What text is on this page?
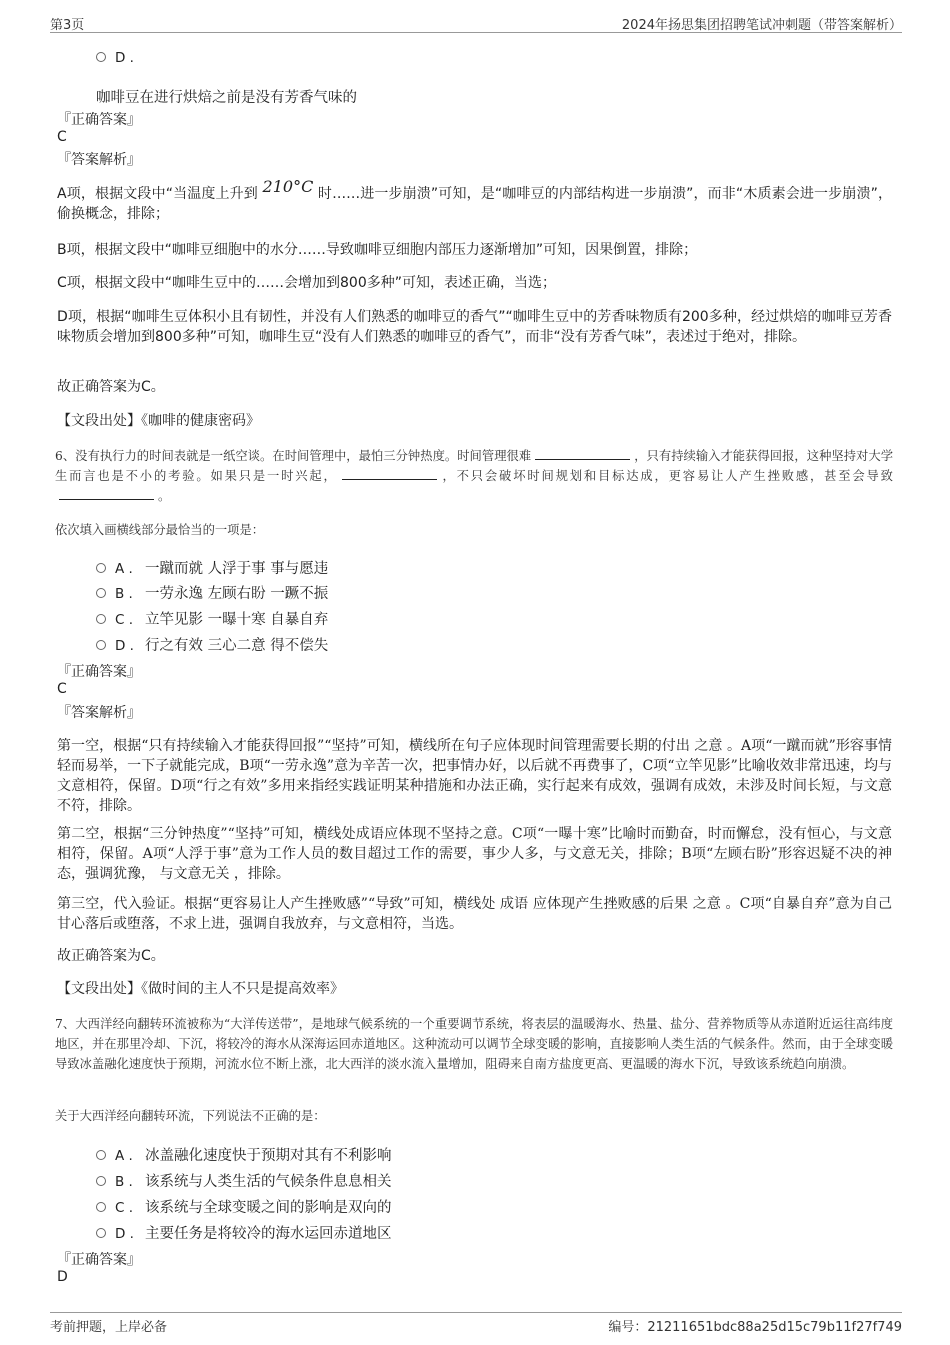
第3页	2024年扬思集团招聘笔试冲刺题（带答案解析）
D .
咖啡豆在进行烘焙之前是没有芳香气味的
『正确答案』
C
『答案解析』
A项，根据文段中“当温度上升到 210°C 时……进一步崩溃”可知，是“咖啡豆的内部结构进一步崩溃”，而非“木质素会进一步崩溃”，偷换概念，排除；
B项，根据文段中“咖啡豆细胞中的水分……导致咖啡豆细胞内部压力逐渐增加”可知，因果倒置，排除；
C项，根据文段中“咖啡生豆中的……会增加到800多种”可知，表述正确，当选；
D项，根据“咖啡生豆体积小且有韧性，并没有人们熟悉的咖啡豆的香气”“咖啡生豆中的芳香味物质有200多种，经过烘焙的咖啡豆芳香味物质会增加到800多种”可知，咖啡生豆“没有人们熟悉的咖啡豆的香气”，而非“没有芳香气味”，表述过于绝对，排除。
故正确答案为C。
【文段出处】《咖啡的健康密码》
6、没有执行力的时间表就是一纸空谈。在时间管理中，最怕三分钟热度。时间管理很难	，只有持续输入才能获得回报，这种坚持对大学生而言也是不小的考验。如果只是一时兴起，	，不只会破坏时间规划和目标达成，更容易让人产生挫败感，甚至会导致。
依次填入画横线部分最恰当的一项是：
A . 一蹴而就 人浮于事 事与愿违
B . 一劳永逸 左顾右盼 一蹶不振
C . 立竿见影 一曝十寒 自暴自弃
D . 行之有效 三心二意 得不偿失
『正确答案』
C
『答案解析』
第一空，根据“只有持续输入才能获得回报”“坚持”可知，横线所在句子应体现时间管理需要长期的付出 之意 。A项“一蹴而就”形容事情轻而易举，一下子就能完成，B项“一劳永逸”意为辛苦一次，把事情办好，以后就不再费事了，C项“立竿见影”比喻收效非常迅速，均与文意相符，保留。D项“行之有效”多用来指经实践证明某种措施和办法正确，实行起来有成效，强调有成效，未涉及时间长短，与文意不符，排除。
第二空，根据“三分钟热度”“坚持”可知，横线处成语应体现不坚持之意。C项“一曝十寒”比喻时而勤奋，时而懈怠，没有恒心，与文意相符，保留。A项“人浮于事”意为工作人员的数目超过工作的需要，事少人多，与文意无关，排除；B项“左顾右盼”形容迟疑不决的神态，强调犹豫， 与文意无关 ，排除。
第三空，代入验证。根据“更容易让人产生挫败感”“导致”可知，横线处 成语 应体现产生挫败感的后果 之意 。C项“自暴自弃”意为自己甘心落后或堕落，不求上进，强调自我放弃，与文意相符，当选。
故正确答案为C。
【文段出处】《做时间的主人不只是提高效率》
7、大西洋经向翻转环流被称为“大洋传送带”，是地球气候系统的一个重要调节系统，将表层的温暖海水、热量、盐分、营养物质等从赤道附近运往高纬度地区，并在那里冷却、下沉，将较冷的海水从深海运回赤道地区。这种流动可以调节全球变暖的影响，直接影响人类生活的气候条件。然而，由于全球变暖导致冰盖融化速度快于预期，河流水位不断上涨，北大西洋的淡水流入量增加，阻碍来自南方盐度更高、更温暖的海水下沉，导致该系统趋向崩溃。
关于大西洋经向翻转环流，下列说法不正确的是：
A . 冰盖融化速度快于预期对其有不利影响
B . 该系统与人类生活的气候条件息息相关
C . 该系统与全球变暖之间的影响是双向的
D . 主要任务是将较冷的海水运回赤道地区
『正确答案』
D
考前押题，上岸必备	编号：21211651bdc88a25d15c79b11f27f749
